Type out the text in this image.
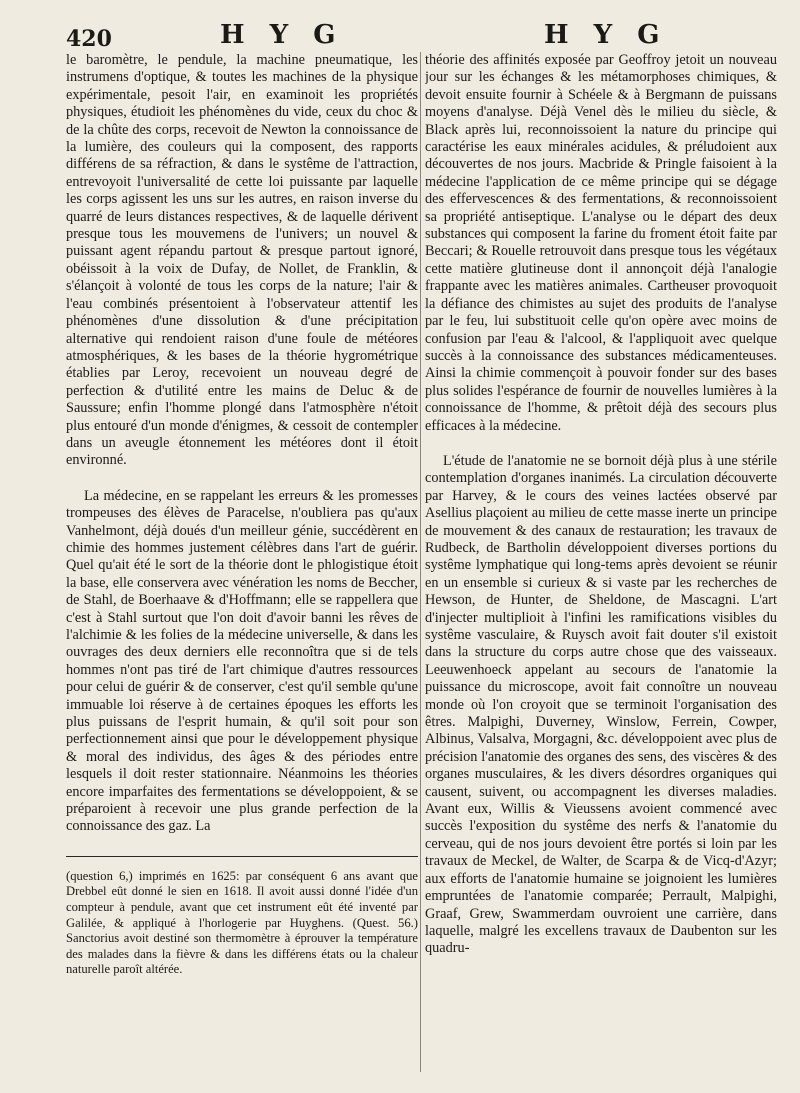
420	H Y G	H Y G

le baromètre, le pendule, la machine pneumatique, les instrumens d'optique, & toutes les machines de la physique expérimentale, pesoit l'air, en examinoit les propriétés physiques, étudioit les phénomènes du vide, ceux du choc & de la chûte des corps, recevoit de Newton la connoissance de la lumière, des couleurs qui la composent, des rapports différens de sa réfraction, & dans le systême de l'attraction, entrevoyoit l'universalité de cette loi puissante par laquelle les corps agissent les uns sur les autres, en raison inverse du quarré de leurs distances respectives, & de laquelle dérivent presque tous les mouvemens de l'univers; un nouvel & puissant agent répandu partout & presque partout ignoré, obéissoit à la voix de Dufay, de Nollet, de Franklin, & s'élançoit à volonté de tous les corps de la nature; l'air & l'eau combinés présentoient à l'observateur attentif les phénomènes d'une dissolution & d'une précipitation alternative qui rendoient raison d'une foule de météores atmosphériques, & les bases de la théorie hygrométrique établies par Leroy, recevoient un nouveau degré de perfection & d'utilité entre les mains de Deluc & de Saussure; enfin l'homme plongé dans l'atmosphère n'étoit plus entouré d'un monde d'énigmes, & cessoit de contempler dans un aveugle étonnement les météores dont il étoit environné.

La médecine, en se rappelant les erreurs & les promesses trompeuses des élèves de Paracelse, n'oubliera pas qu'aux Vanhelmont, déjà doués d'un meilleur génie, succédèrent en chimie des hommes justement célèbres dans l'art de guérir. Quel qu'ait été le sort de la théorie dont le phlogistique étoit la base, elle conservera avec vénération les noms de Beccher, de Stahl, de Boerhaave & d'Hoffmann; elle se rappellera que c'est à Stahl surtout que l'on doit d'avoir banni les rêves de l'alchimie & les folies de la médecine universelle, & dans les ouvrages des deux derniers elle reconnoîtra que si de tels hommes n'ont pas tiré de l'art chimique d'autres ressources pour celui de guérir & de conserver, c'est qu'il semble qu'une immuable loi réserve à de certaines époques les efforts les plus puissans de l'esprit humain, & qu'il soit pour son perfectionnement ainsi que pour le développement physique & moral des individus, des âges & des périodes entre lesquels il doit rester stationnaire. Néanmoins les théories encore imparfaites des fermentations se développoient, & se préparoient à recevoir une plus grande perfection de la connoissance des gaz. La

(question 6,) imprimés en 1625: par conséquent 6 ans avant que Drebbel eût donné le sien en 1618. Il avoit aussi donné l'idée d'un compteur à pendule, avant que cet instrument eût été inventé par Galilée, & appliqué à l'horlogerie par Huyghens. (Quest. 56.) Sanctorius avoit destiné son thermomètre à éprouver la température des malades dans la fièvre & dans les différens états ou la chaleur naturelle paroît altérée.

théorie des affinités exposée par Geoffroy jetoit un nouveau jour sur les échanges & les métamorphoses chimiques, & devoit ensuite fournir à Schéele & à Bergmann de puissans moyens d'analyse. Déjà Venel dès le milieu du siècle, & Black après lui, reconnoissoient la nature du principe qui caractérise les eaux minérales acidules, & préludoient aux découvertes de nos jours. Macbride & Pringle faisoient à la médecine l'application de ce même principe qui se dégage des effervescences & des fermentations, & reconnoissoient sa propriété antiseptique. L'analyse ou le départ des deux substances qui composent la farine du froment étoit faite par Beccari; & Rouelle retrouvoit dans presque tous les végétaux cette matière glutineuse dont il annonçoit déjà l'analogie frappante avec les matières animales. Cartheuser provoquoit la défiance des chimistes au sujet des produits de l'analyse par le feu, lui substituoit celle qu'on opère avec moins de confusion par l'eau & l'alcool, & l'appliquoit avec quelque succès à la connoissance des substances médicamenteuses. Ainsi la chimie commençoit à pouvoir fonder sur des bases plus solides l'espérance de fournir de nouvelles lumières à la connoissance de l'homme, & prêtoit déjà des secours plus efficaces à la médecine.

L'étude de l'anatomie ne se bornoit déjà plus à une stérile contemplation d'organes inanimés. La circulation découverte par Harvey, & le cours des veines lactées observé par Asellius plaçoient au milieu de cette masse inerte un principe de mouvement & des canaux de restauration; les travaux de Rudbeck, de Bartholin développoient diverses portions du systême lymphatique qui long-tems après devoient se réunir en un ensemble si curieux & si vaste par les recherches de Hewson, de Hunter, de Sheldone, de Mascagni. L'art d'injecter multiplioit à l'infini les ramifications visibles du systême vasculaire, & Ruysch avoit fait douter s'il existoit dans la structure du corps autre chose que des vaisseaux. Leeuwenhoeck appelant au secours de l'anatomie la puissance du microscope, avoit fait connoître un nouveau monde où l'on croyoit que se terminoit l'organisation des êtres. Malpighi, Duverney, Winslow, Ferrein, Cowper, Albinus, Valsalva, Morgagni, &c. développoient avec plus de précision l'anatomie des organes des sens, des viscères & des organes musculaires, & les divers désordres organiques qui causent, suivent, ou accompagnent les diverses maladies. Avant eux, Willis & Vieussens avoient commencé avec succès l'exposition du systême des nerfs & l'anatomie du cerveau, qui de nos jours devoient être portés si loin par les travaux de Meckel, de Walter, de Scarpa & de Vicq-d'Azyr; aux efforts de l'anatomie humaine se joignoient les lumières empruntées de l'anatomie comparée; Perrault, Malpighi, Graaf, Grew, Swammerdam ouvroient une carrière, dans laquelle, malgré les excellens travaux de Daubenton sur les quadru-
